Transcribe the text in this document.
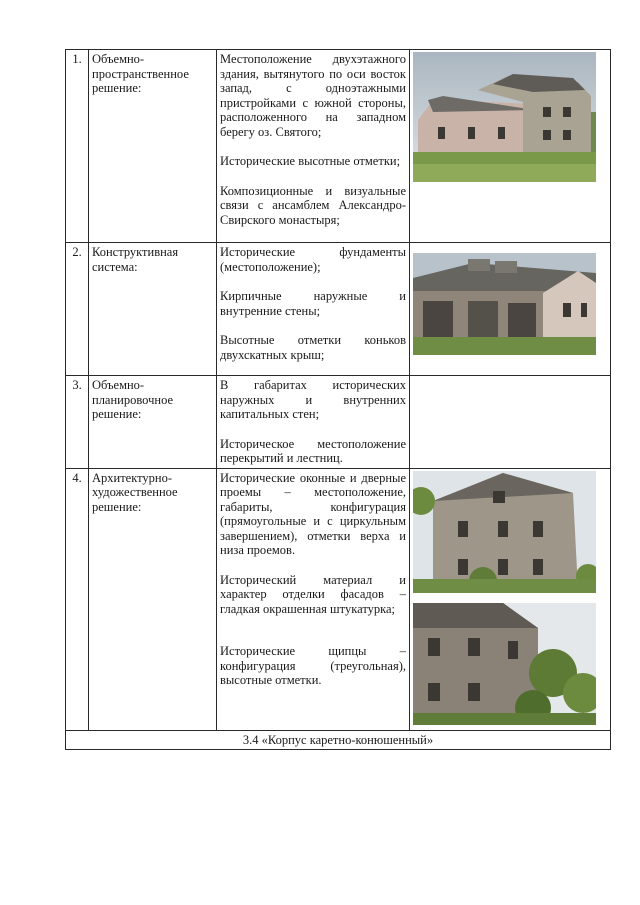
1.	Объемно-пространственное решение:	Местоположение двухэтажного здания, вытянутого по оси восток запад, с одноэтажными пристройками с южной стороны, расположенного на западном берегу оз. Святого;

Исторические высотные отметки;

Композиционные и визуальные связи с ансамблем Александро-Свирского монастыря;

2.	Конструктивная система:	Исторические фундаменты (местоположение);

Кирпичные наружные и внутренние стены;

Высотные отметки коньков двухскатных крыш;

3.	Объемно-планировочное решение:	В габаритах исторических наружных и внутренних капитальных стен;

Историческое местоположение перекрытий и лестниц.	

4.	Архитектурно-художественное решение:	Исторические оконные и дверные проемы – местоположение, габариты, конфигурация (прямоугольные и с циркульным завершением), отметки верха и низа проемов.

Исторический материал и характер отделки фасадов – гладкая окрашенная штукатурка;

Исторические щипцы – конфигурация (треугольная), высотные отметки.

3.4 «Корпус каретно-конюшенный»			
